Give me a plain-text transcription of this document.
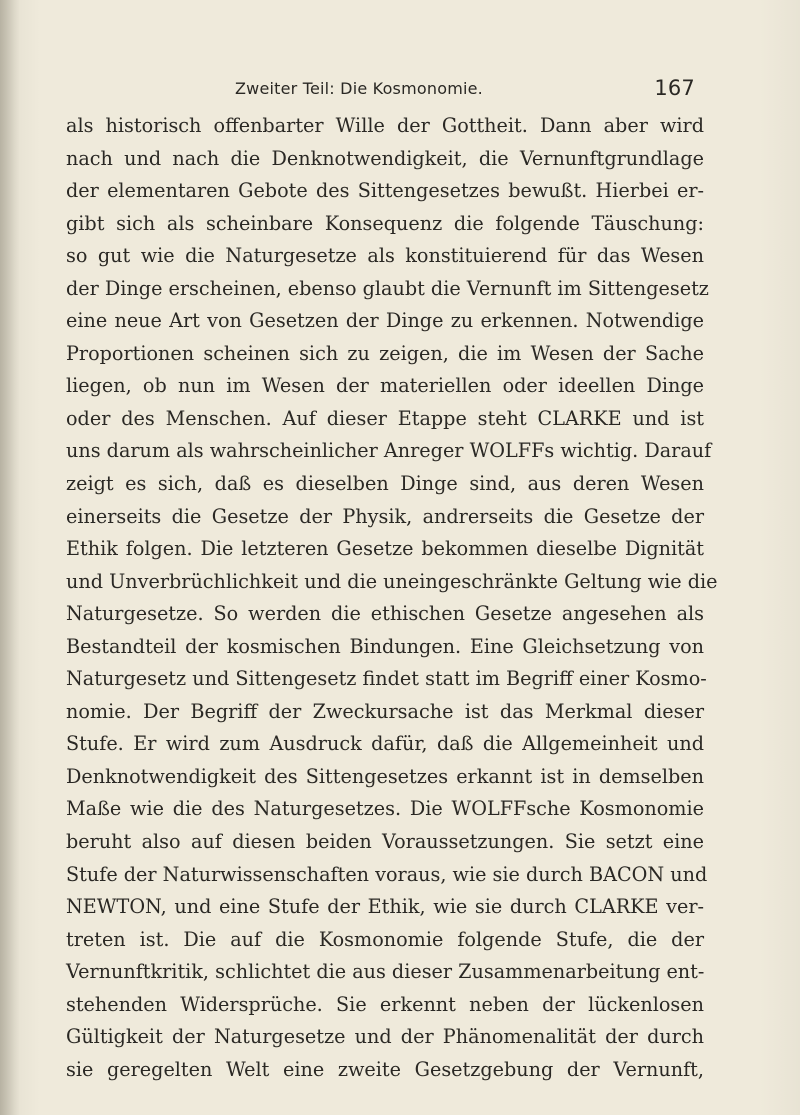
Zweiter Teil: Die Kosmonomie.	167
als historisch offenbarter Wille der Gottheit. Dann aber wird
nach und nach die Denknotwendigkeit, die Vernunftgrundlage
der elementaren Gebote des Sittengesetzes bewußt. Hierbei er-
gibt sich als scheinbare Konsequenz die folgende Täuschung:
so gut wie die Naturgesetze als konstituierend für das Wesen
der Dinge erscheinen, ebenso glaubt die Vernunft im Sittengesetz
eine neue Art von Gesetzen der Dinge zu erkennen. Notwendige
Proportionen scheinen sich zu zeigen, die im Wesen der Sache
liegen, ob nun im Wesen der materiellen oder ideellen Dinge
oder des Menschen. Auf dieser Etappe steht CLARKE und ist
uns darum als wahrscheinlicher Anreger WOLFFs wichtig. Darauf
zeigt es sich, daß es dieselben Dinge sind, aus deren Wesen
einerseits die Gesetze der Physik, andrerseits die Gesetze der
Ethik folgen. Die letzteren Gesetze bekommen dieselbe Dignität
und Unverbrüchlichkeit und die uneingeschränkte Geltung wie die
Naturgesetze. So werden die ethischen Gesetze angesehen als
Bestandteil der kosmischen Bindungen. Eine Gleichsetzung von
Naturgesetz und Sittengesetz findet statt im Begriff einer Kosmo-
nomie. Der Begriff der Zweckursache ist das Merkmal dieser
Stufe. Er wird zum Ausdruck dafür, daß die Allgemeinheit und
Denknotwendigkeit des Sittengesetzes erkannt ist in demselben
Maße wie die des Naturgesetzes. Die WOLFFsche Kosmonomie
beruht also auf diesen beiden Voraussetzungen. Sie setzt eine
Stufe der Naturwissenschaften voraus, wie sie durch BACON und
NEWTON, und eine Stufe der Ethik, wie sie durch CLARKE ver-
treten ist. Die auf die Kosmonomie folgende Stufe, die der
Vernunftkritik, schlichtet die aus dieser Zusammenarbeitung ent-
stehenden Widersprüche. Sie erkennt neben der lückenlosen
Gültigkeit der Naturgesetze und der Phänomenalität der durch
sie geregelten Welt eine zweite Gesetzgebung der Vernunft,
